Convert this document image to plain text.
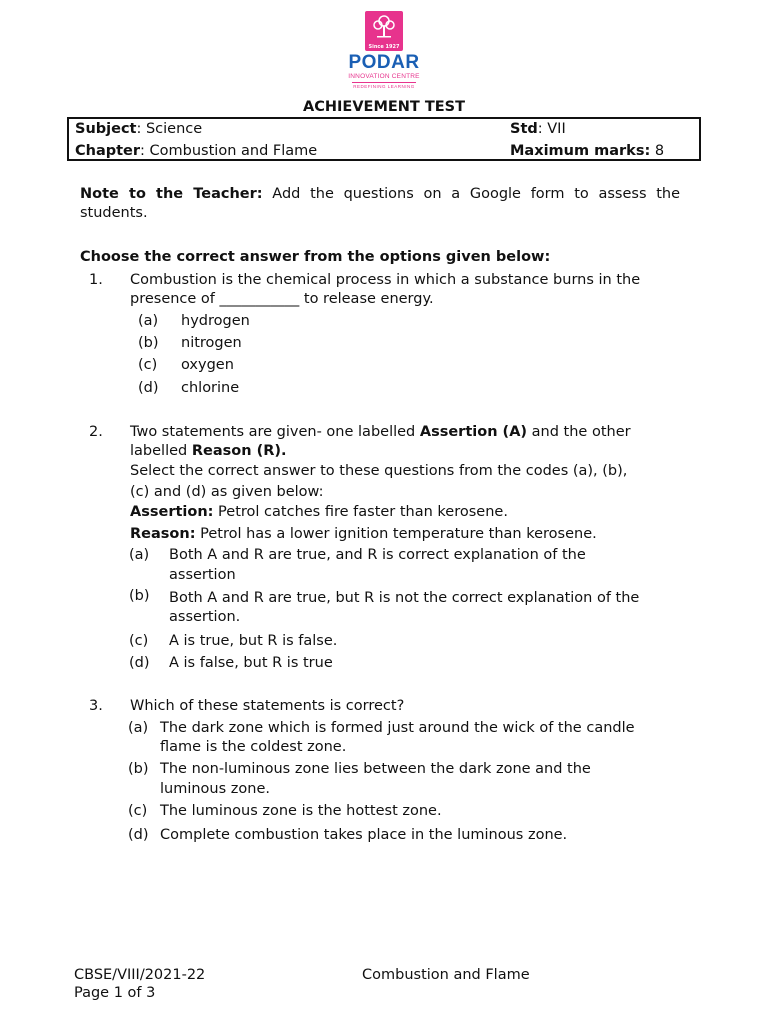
Since 1927
PODAR
INNOVATION CENTRE
REDEFINING LEARNING
ACHIEVEMENT TEST
Subject: Science	Std: VII
Chapter: Combustion and Flame	Maximum marks: 8
Note to the Teacher: Add the questions on a Google form to assess the
students.
Choose the correct answer from the options given below:
1. Combustion is the chemical process in which a substance burns in the
presence of ___________ to release energy.
(a) hydrogen
(b) nitrogen
(c) oxygen
(d) chlorine
2. Two statements are given- one labelled Assertion (A) and the other
labelled Reason (R).
Select the correct answer to these questions from the codes (a), (b),
(c) and (d) as given below:
Assertion: Petrol catches fire faster than kerosene.
Reason: Petrol has a lower ignition temperature than kerosene.
(a) Both A and R are true, and R is correct explanation of the
assertion
(b) Both A and R are true, but R is not the correct explanation of the
assertion.
(c) A is true, but R is false.
(d) A is false, but R is true
3. Which of these statements is correct?
(a) The dark zone which is formed just around the wick of the candle
flame is the coldest zone.
(b) The non-luminous zone lies between the dark zone and the
luminous zone.
(c) The luminous zone is the hottest zone.
(d) Complete combustion takes place in the luminous zone.
CBSE/VIII/2021-22
Page 1 of 3
Combustion and Flame
